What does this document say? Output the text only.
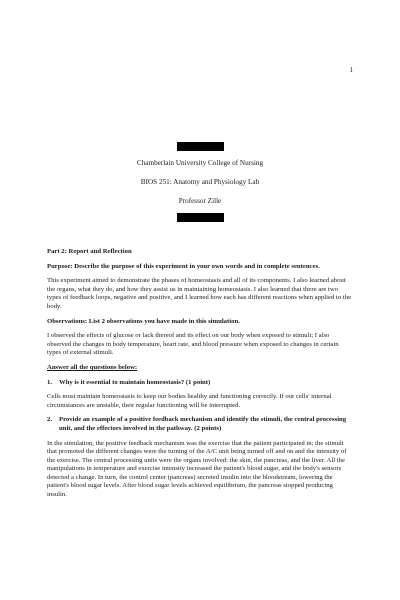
1
Chamberlain University College of Nursing
BIOS 251: Anatomy and Physiology Lab
Professor Zille

Part 2: Report and Reflection

Purpose: Describe the purpose of this experiment in your own words and in complete sentences.

This experiment aimed to demonstrate the phases of homeostasis and all of its components. I also learned about the organs, what they do, and how they assist us in maintaining homeostasis. I also learned that there are two types of feedback loops, negative and positive, and I learned how each has different reactions when applied to the body.

Observations: List 2 observations you have made in this simulation.

I observed the effects of glucose or lack thereof and its effect on our body when exposed to stimuli; I also observed the changes in body temperature, heart rate, and blood pressure when exposed to changes in certain types of external stimuli.

Answer all the questions below:

1.	Why is it essential to maintain homeostasis? (1 point)

Cells must maintain homeostasis to keep our bodies healthy and functioning correctly. If our cells' internal circumstances are unstable, their regular functioning will be interrupted.

2.	Provide an example of a positive feedback mechanism and identify the stimuli, the central processing unit, and the effectors involved in the pathway. (2 points)

In the simulation, the positive feedback mechanism was the exercise that the patient participated in; the stimuli that promoted the different changes were the turning of the A/C unit being turned off and on and the intensity of the exercise. The central processing units were the organs involved: the skin, the pancreas, and the liver. All the manipulations in temperature and exercise intensity increased the patient's blood sugar, and the body's sensors detected a change. In turn, the control center (pancreas) secreted insulin into the bloodstream, lowering the patient's blood sugar levels. After blood sugar levels achieved equilibrium, the pancreas stopped producing insulin.
